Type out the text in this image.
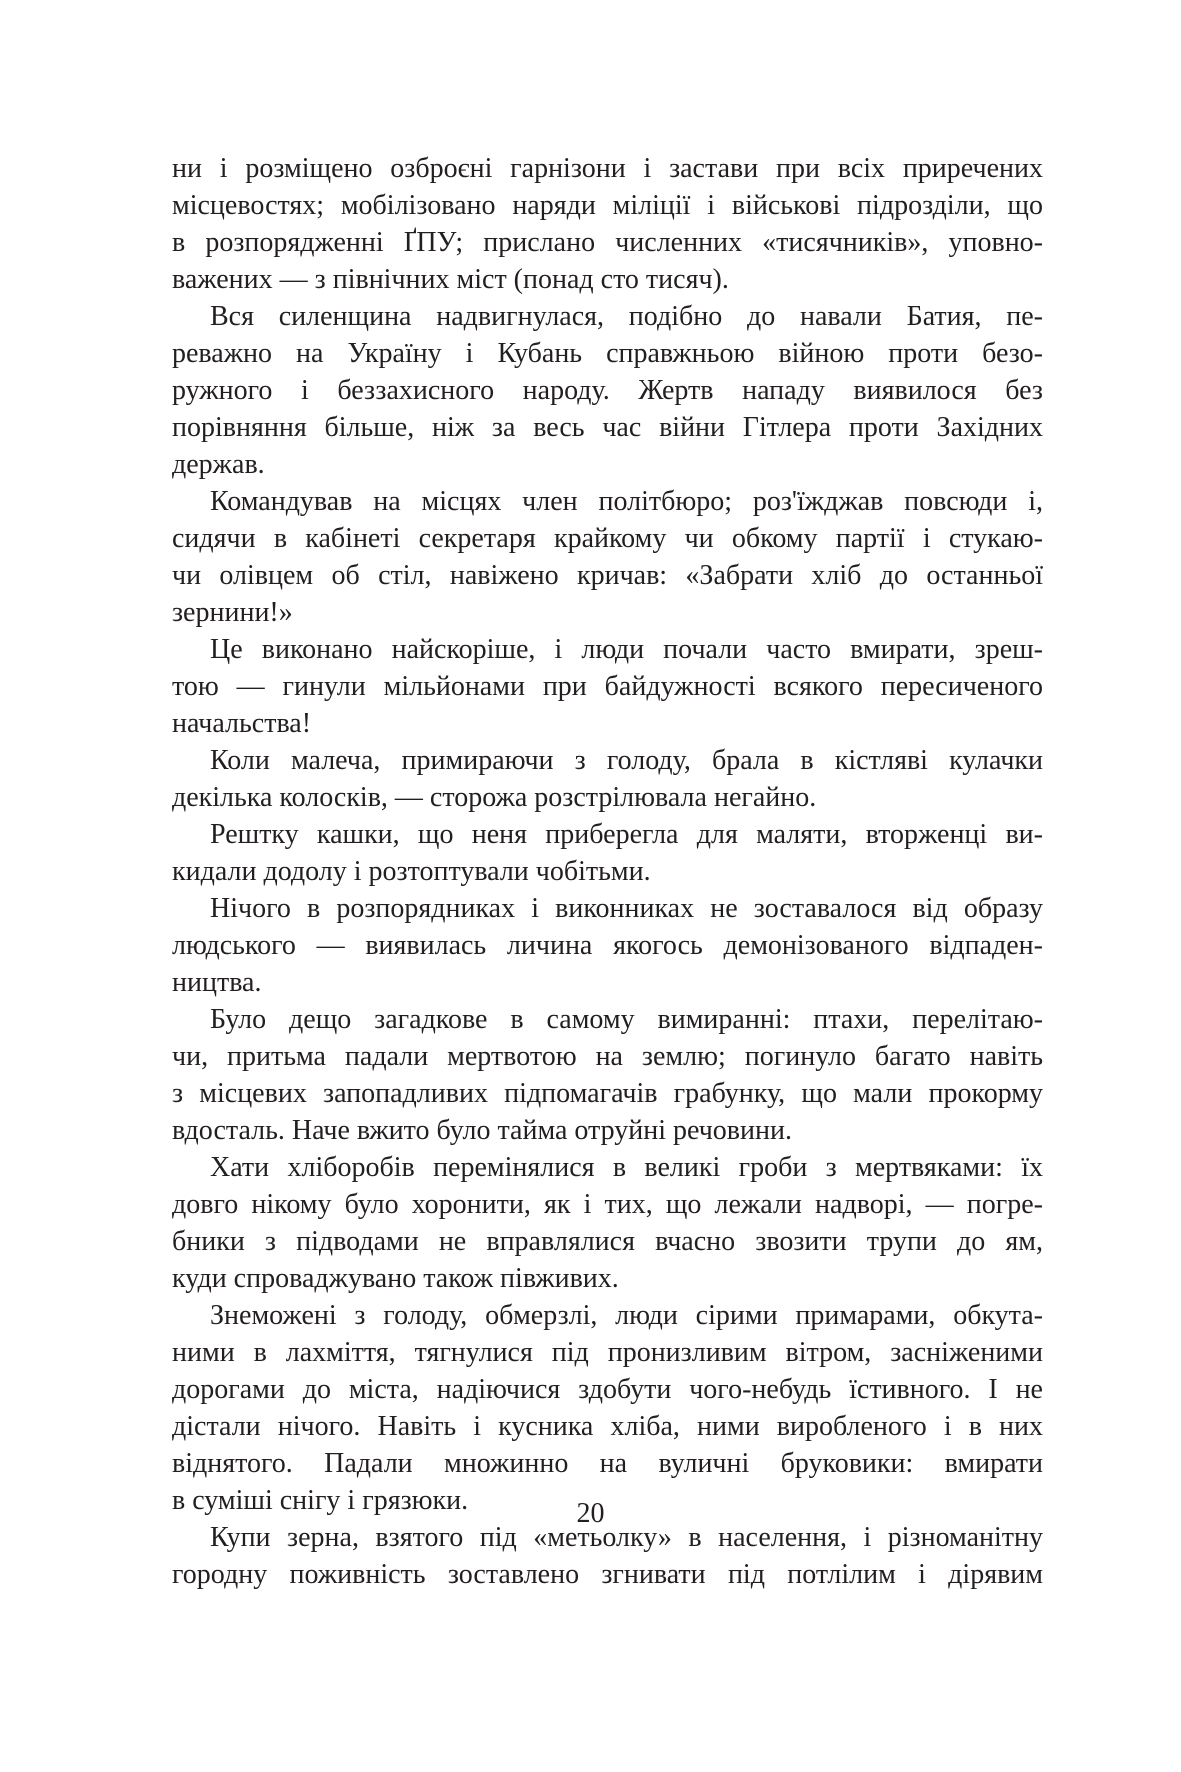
ни і розміщено озброєні гарнізони і застави при всіх приречених
місцевостях; мобілізовано наряди міліції і військові підрозділи, що
в розпорядженні ҐПУ; прислано численних «тисячників», уповно-
важених — з північних міст (понад сто тисяч).
Вся силенщина надвигнулася, подібно до навали Батия, пе-
реважно на Україну і Кубань справжньою війною проти безо-
ружного і беззахисного народу. Жертв нападу виявилося без
порівняння більше, ніж за весь час війни Гітлера проти Західних
держав.
Командував на місцях член політбюро; роз'їжджав повсюди і,
сидячи в кабінеті секретаря крайкому чи обкому партії і стукаю-
чи олівцем об стіл, навіжено кричав: «Забрати хліб до останньої
зернини!»
Це виконано найскоріше, і люди почали часто вмирати, зреш-
тою — гинули мільйонами при байдужності всякого пересиченого
начальства!
Коли малеча, примираючи з голоду, брала в кістляві кулачки
декілька колосків, — сторожа розстрілювала негайно.
Рештку кашки, що неня приберегла для маляти, вторженці ви-
кидали додолу і розтоптували чобітьми.
Нічого в розпорядниках і виконниках не зоставалося від образу
людського — виявилась личина якогось демонізованого відпаден-
ництва.
Було дещо загадкове в самому вимиранні: птахи, перелітаю-
чи, притьма падали мертвотою на землю; погинуло багато навіть
з місцевих запопадливих підпомагачів грабунку, що мали прокорму
вдосталь. Наче вжито було тайма отруйні речовини.
Хати хліборобів перемінялися в великі гроби з мертвяками: їх
довго нікому було хоронити, як і тих, що лежали надворі, — погре-
бники з підводами не вправлялися вчасно звозити трупи до ям,
куди спроваджувано також півживих.
Знеможені з голоду, обмерзлі, люди сірими примарами, обкута-
ними в лахміття, тягнулися під пронизливим вітром, засніженими
дорогами до міста, надіючися здобути чого-небудь їстивного. І не
дістали нічого. Навіть і кусника хліба, ними виробленого і в них
віднятого. Падали множинно на вуличні бруковики: вмирати
в суміші снігу і грязюки.
Купи зерна, взятого під «метьолку» в населення, і різноманітну
городну поживність зоставлено згнивати під потлілим і дірявим
20
